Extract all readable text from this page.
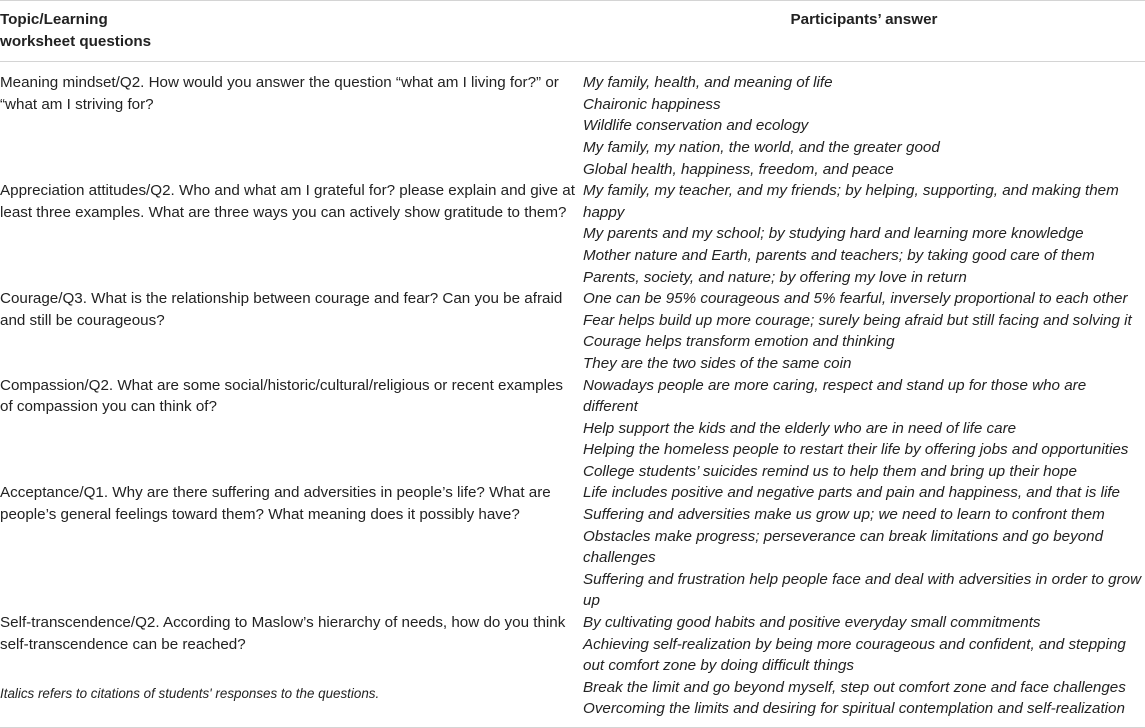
Topic/Learning worksheet questions	Participants’ answer
Meaning mindset/Q2. How would you answer the question “what am I living for?” or “what am I striving for?	My family, health, and meaning of life
Chaironic happiness
Wildlife conservation and ecology
My family, my nation, the world, and the greater good
Global health, happiness, freedom, and peace

Appreciation attitudes/Q2. Who and what am I grateful for? please explain and give at least three examples. What are three ways you can actively show gratitude to them?	My family, my teacher, and my friends; by helping, supporting, and making them happy
My parents and my school; by studying hard and learning more knowledge
Mother nature and Earth, parents and teachers; by taking good care of them
Parents, society, and nature; by offering my love in return

Courage/Q3. What is the relationship between courage and fear? Can you be afraid and still be courageous?	One can be 95% courageous and 5% fearful, inversely proportional to each other
Fear helps build up more courage; surely being afraid but still facing and solving it
Courage helps transform emotion and thinking
They are the two sides of the same coin

Compassion/Q2. What are some social/historic/cultural/religious or recent examples of compassion you can think of?	Nowadays people are more caring, respect and stand up for those who are different
Help support the kids and the elderly who are in need of life care
Helping the homeless people to restart their life by offering jobs and opportunities
College students’ suicides remind us to help them and bring up their hope

Acceptance/Q1. Why are there suffering and adversities in people’s life? What are people’s general feelings toward them? What meaning does it possibly have?	Life includes positive and negative parts and pain and happiness, and that is life
Suffering and adversities make us grow up; we need to learn to confront them
Obstacles make progress; perseverance can break limitations and go beyond challenges
Suffering and frustration help people face and deal with adversities in order to grow up

Self-transcendence/Q2. According to Maslow’s hierarchy of needs, how do you think self-transcendence can be reached?	By cultivating good habits and positive everyday small commitments
Achieving self-realization by being more courageous and confident, and stepping out comfort zone by doing difficult things
Break the limit and go beyond myself, step out comfort zone and face challenges
Overcoming the limits and desiring for spiritual contemplation and self-realization
Italics refers to citations of students' responses to the questions.
